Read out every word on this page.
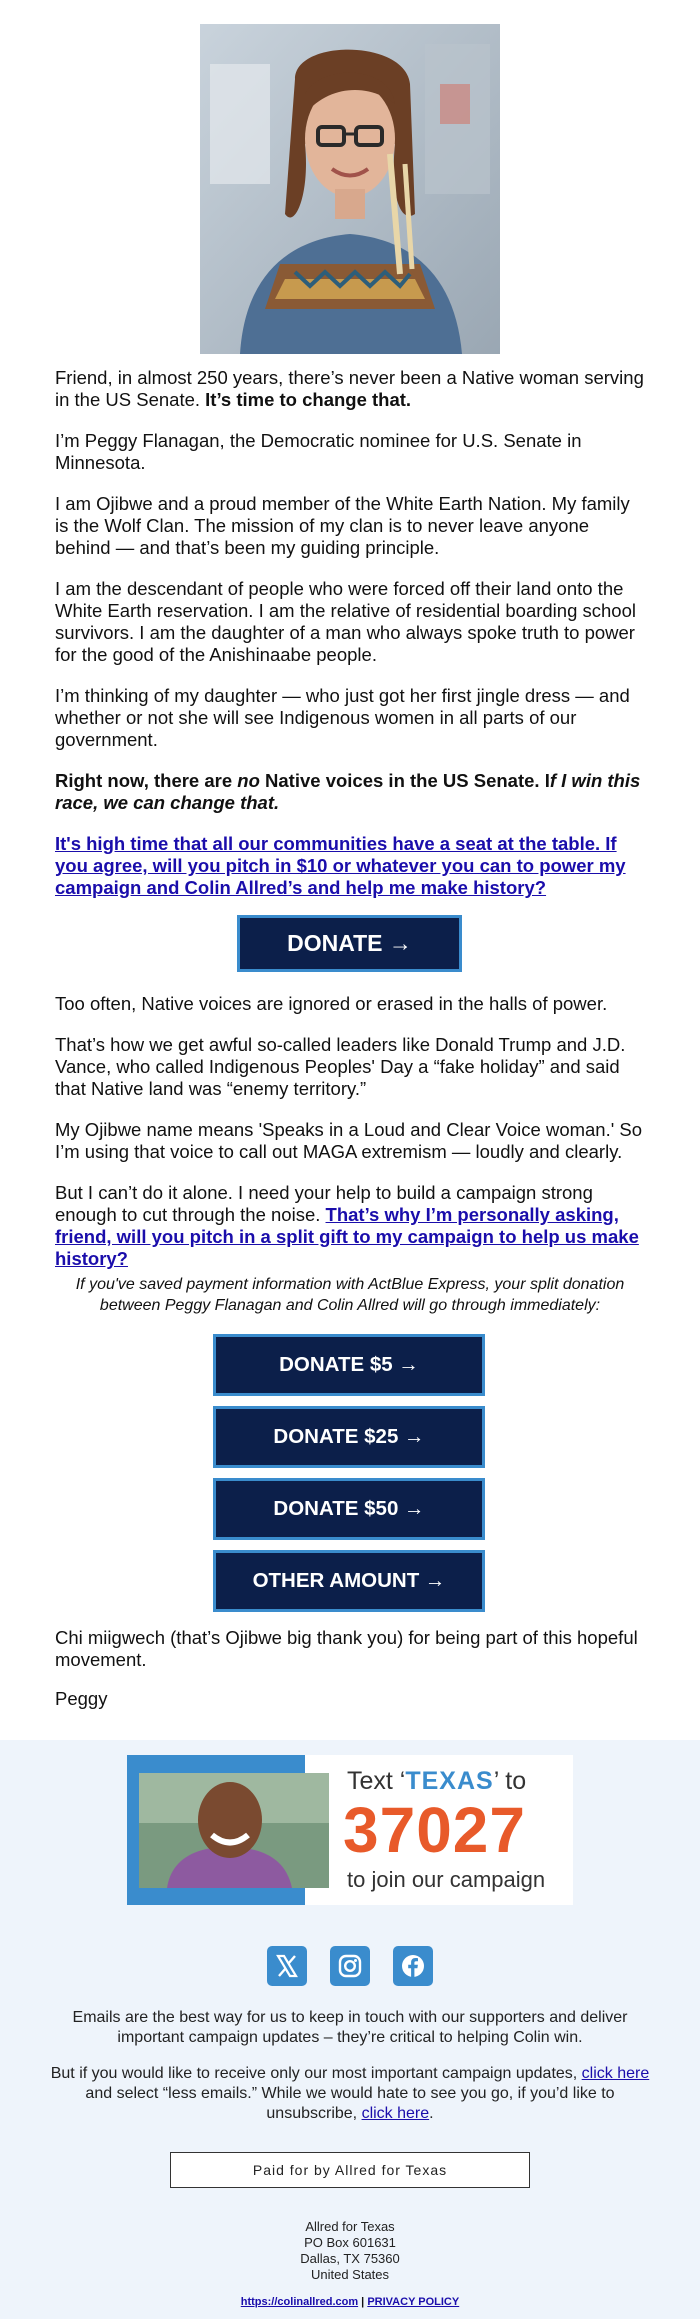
Friend, in almost 250 years, there’s never been a Native woman serving in the US Senate. It’s time to change that.

I’m Peggy Flanagan, the Democratic nominee for U.S. Senate in Minnesota.

I am Ojibwe and a proud member of the White Earth Nation. My family is the Wolf Clan. The mission of my clan is to never leave anyone behind — and that’s been my guiding principle.

I am the descendant of people who were forced off their land onto the White Earth reservation. I am the relative of residential boarding school survivors. I am the daughter of a man who always spoke truth to power for the good of the Anishinaabe people.

I’m thinking of my daughter — who just got her first jingle dress — and whether or not she will see Indigenous women in all parts of our government.

Right now, there are no Native voices in the US Senate. If I win this race, we can change that.

It's high time that all our communities have a seat at the table. If you agree, will you pitch in $10 or whatever you can to power my campaign and Colin Allred’s and help me make history?

DONATE →

Too often, Native voices are ignored or erased in the halls of power.

That’s how we get awful so-called leaders like Donald Trump and J.D. Vance, who called Indigenous Peoples' Day a “fake holiday” and said that Native land was “enemy territory.”

My Ojibwe name means 'Speaks in a Loud and Clear Voice woman.' So I’m using that voice to call out MAGA extremism — loudly and clearly.

But I can’t do it alone. I need your help to build a campaign strong enough to cut through the noise. That’s why I’m personally asking, friend, will you pitch in a split gift to my campaign to help us make history?

If you've saved payment information with ActBlue Express, your split donation between Peggy Flanagan and Colin Allred will go through immediately:

DONATE $5 →
DONATE $25 →
DONATE $50 →
OTHER AMOUNT →

Chi miigwech (that’s Ojibwe big thank you) for being part of this hopeful movement.

Peggy

Text ‘TEXAS’ to
37027
to join our campaign

Emails are the best way for us to keep in touch with our supporters and deliver important campaign updates – they’re critical to helping Colin win.

But if you would like to receive only our most important campaign updates, click here and select “less emails.” While we would hate to see you go, if you’d like to unsubscribe, click here.

Paid for by Allred for Texas
Allred for Texas
PO Box 601631
Dallas, TX 75360
United States
https://colinallred.com | PRIVACY POLICY
